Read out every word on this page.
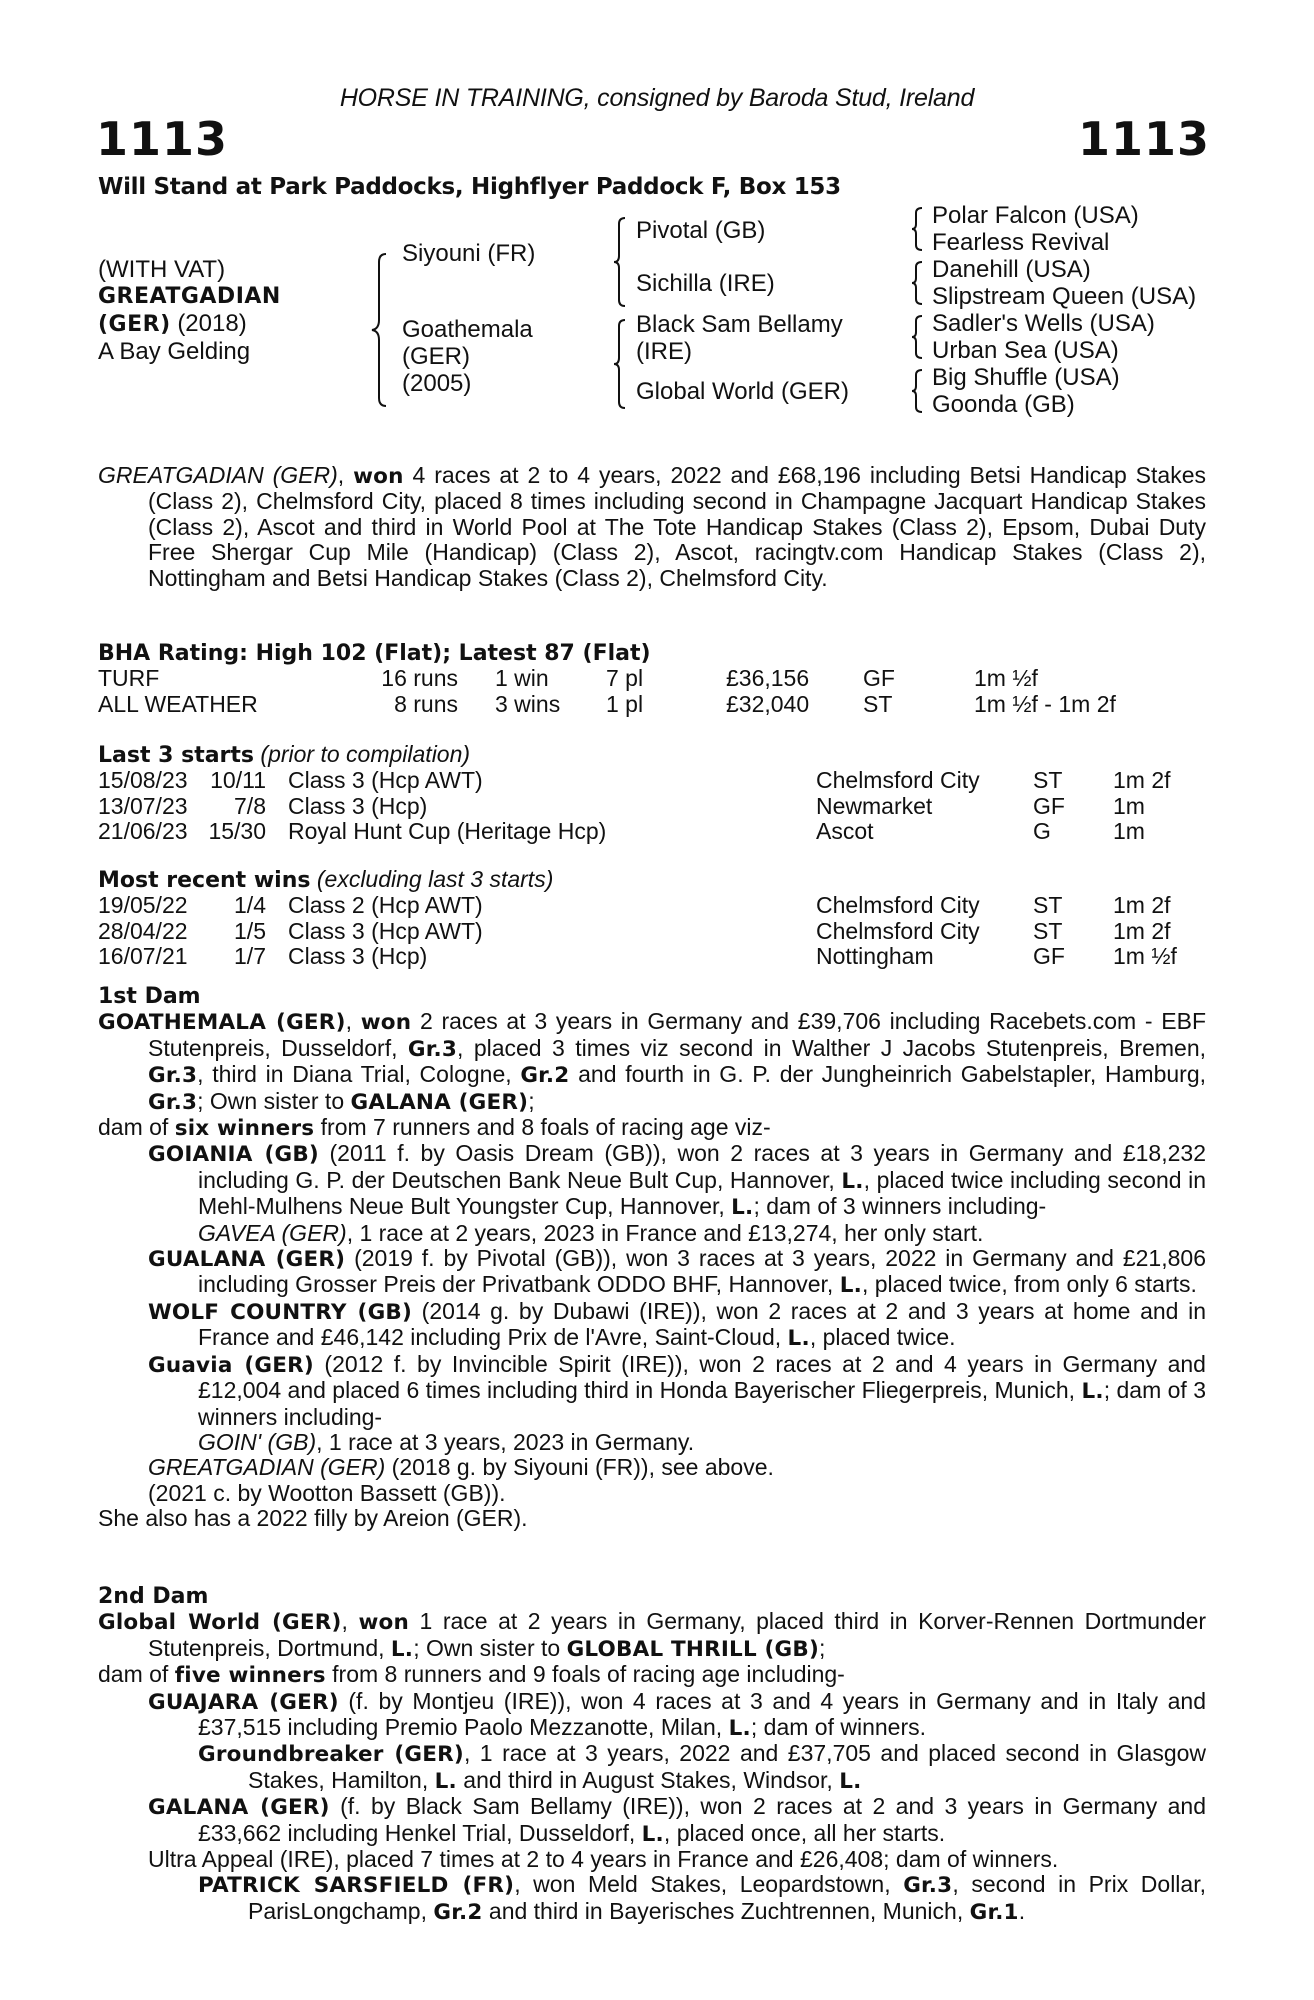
HORSE IN TRAINING, consigned by Baroda Stud, Ireland
1113	1113
Will Stand at Park Paddocks, Highflyer Paddock F, Box 153
(WITH VAT)
GREATGADIAN
(GER) (2018)
A Bay Gelding
Siyouni (FR)
Goathemala
(GER)
(2005)
Pivotal (GB)
Sichilla (IRE)
Black Sam Bellamy
(IRE)
Global World (GER)
Polar Falcon (USA)
Fearless Revival
Danehill (USA)
Slipstream Queen (USA)
Sadler's Wells (USA)
Urban Sea (USA)
Big Shuffle (USA)
Goonda (GB)
GREATGADIAN (GER), won 4 races at 2 to 4 years, 2022 and £68,196 including Betsi Handicap Stakes (Class 2), Chelmsford City, placed 8 times including second in Champagne Jacquart Handicap Stakes (Class 2), Ascot and third in World Pool at The Tote Handicap Stakes (Class 2), Epsom, Dubai Duty Free Shergar Cup Mile (Handicap) (Class 2), Ascot, racingtv.com Handicap Stakes (Class 2), Nottingham and Betsi Handicap Stakes (Class 2), Chelmsford City.
BHA Rating: High 102 (Flat); Latest 87 (Flat)
TURF	16 runs 1 win 7 pl	£36,156 GF	1m ½f
ALL WEATHER	8 runs 3 wins 1 pl	£32,040 ST	1m ½f - 1m 2f
Last 3 starts (prior to compilation)
15/08/23 10/11 Class 3 (Hcp AWT)	Chelmsford City ST 1m 2f
13/07/23	7/8 Class 3 (Hcp)	Newmarket	GF 1m
21/06/23 15/30 Royal Hunt Cup (Heritage Hcp)	Ascot	G	1m
Most recent wins (excluding last 3 starts)
19/05/22	1/4 Class 2 (Hcp AWT)	Chelmsford City ST 1m 2f
28/04/22	1/5 Class 3 (Hcp AWT)	Chelmsford City ST 1m 2f
16/07/21	1/7 Class 3 (Hcp)	Nottingham	GF 1m ½f
1st Dam
GOATHEMALA (GER), won 2 races at 3 years in Germany and £39,706 including Racebets.com - EBF Stutenpreis, Dusseldorf, Gr.3, placed 3 times viz second in Walther J Jacobs Stutenpreis, Bremen, Gr.3, third in Diana Trial, Cologne, Gr.2 and fourth in G. P. der Jungheinrich Gabelstapler, Hamburg, Gr.3; Own sister to GALANA (GER);
dam of six winners from 7 runners and 8 foals of racing age viz-
GOIANIA (GB) (2011 f. by Oasis Dream (GB)), won 2 races at 3 years in Germany and £18,232 including G. P. der Deutschen Bank Neue Bult Cup, Hannover, L., placed twice including second in Mehl-Mulhens Neue Bult Youngster Cup, Hannover, L.; dam of 3 winners including-
GAVEA (GER), 1 race at 2 years, 2023 in France and £13,274, her only start.
GUALANA (GER) (2019 f. by Pivotal (GB)), won 3 races at 3 years, 2022 in Germany and £21,806 including Grosser Preis der Privatbank ODDO BHF, Hannover, L., placed twice, from only 6 starts.
WOLF COUNTRY (GB) (2014 g. by Dubawi (IRE)), won 2 races at 2 and 3 years at home and in France and £46,142 including Prix de l'Avre, Saint-Cloud, L., placed twice.
Guavia (GER) (2012 f. by Invincible Spirit (IRE)), won 2 races at 2 and 4 years in Germany and £12,004 and placed 6 times including third in Honda Bayerischer Fliegerpreis, Munich, L.; dam of 3 winners including-
GOIN' (GB), 1 race at 3 years, 2023 in Germany.
GREATGADIAN (GER) (2018 g. by Siyouni (FR)), see above.
(2021 c. by Wootton Bassett (GB)).
She also has a 2022 filly by Areion (GER).
2nd Dam
Global World (GER), won 1 race at 2 years in Germany, placed third in Korver-Rennen Dortmunder Stutenpreis, Dortmund, L.; Own sister to GLOBAL THRILL (GB);
dam of five winners from 8 runners and 9 foals of racing age including-
GUAJARA (GER) (f. by Montjeu (IRE)), won 4 races at 3 and 4 years in Germany and in Italy and £37,515 including Premio Paolo Mezzanotte, Milan, L.; dam of winners.
Groundbreaker (GER), 1 race at 3 years, 2022 and £37,705 and placed second in Glasgow Stakes, Hamilton, L. and third in August Stakes, Windsor, L.
GALANA (GER) (f. by Black Sam Bellamy (IRE)), won 2 races at 2 and 3 years in Germany and £33,662 including Henkel Trial, Dusseldorf, L., placed once, all her starts.
Ultra Appeal (IRE), placed 7 times at 2 to 4 years in France and £26,408; dam of winners.
PATRICK SARSFIELD (FR), won Meld Stakes, Leopardstown, Gr.3, second in Prix Dollar, ParisLongchamp, Gr.2 and third in Bayerisches Zuchtrennen, Munich, Gr.1.
